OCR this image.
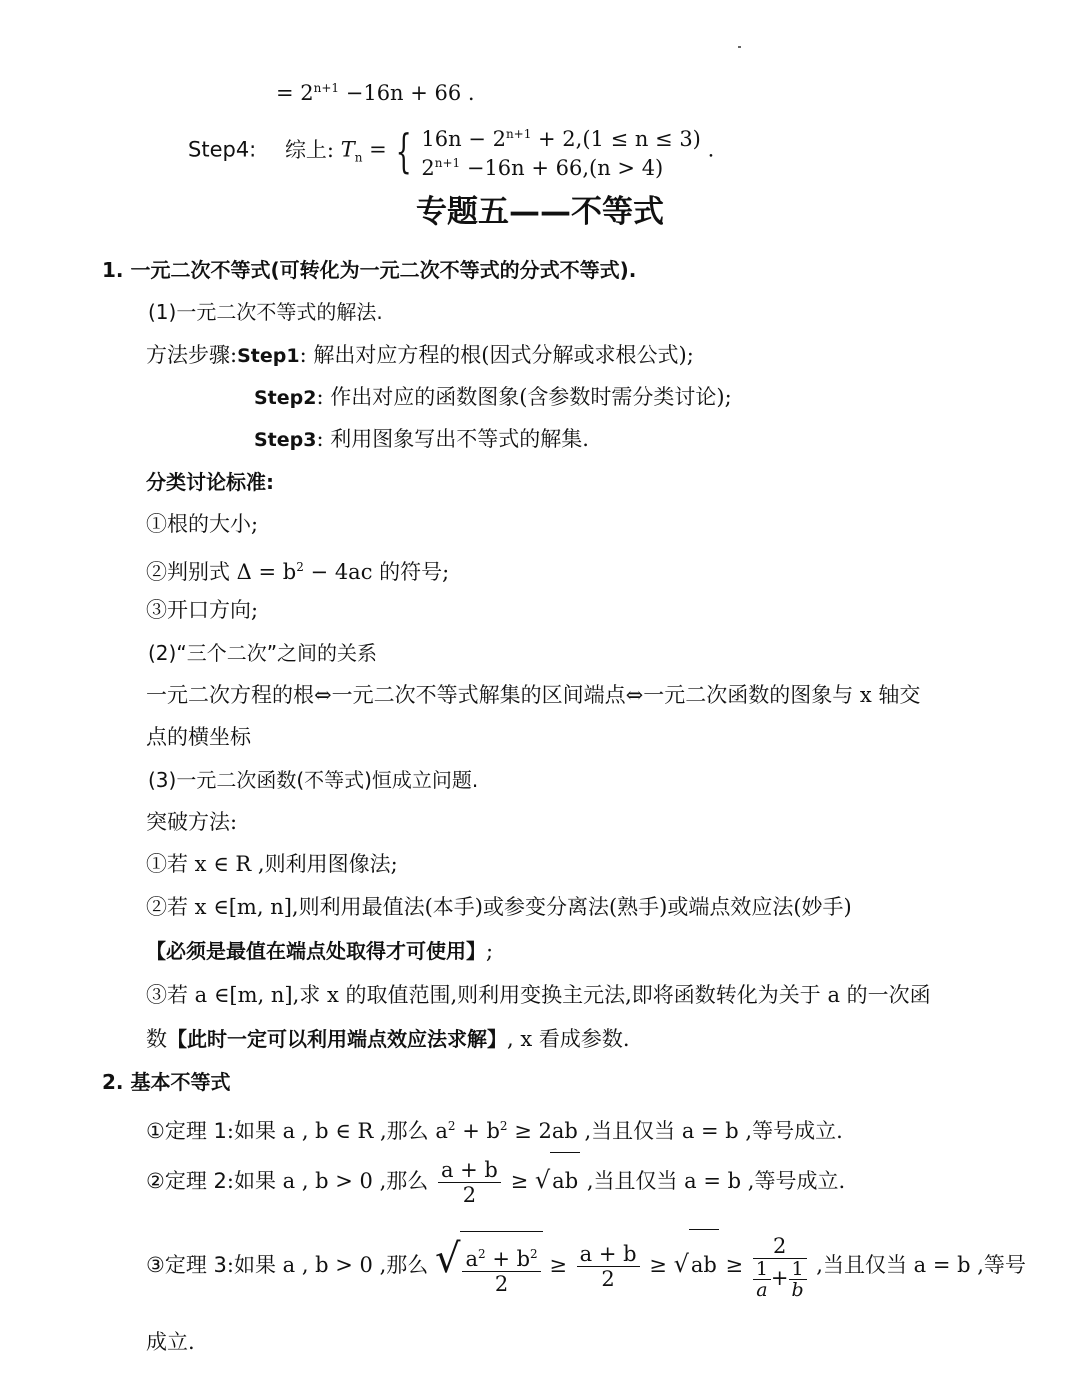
= $2^{n+1} -16n + 66$ .
Step4: 综上: $T_n$ = { $16n - 2^{n+1} + 2,(1 \le n \le 3)$
$2^{n+1} -16n + 66,(n > 4)$
.
专题五——不等式
1. 一元二次不等式(可转化为一元二次不等式的分式不等式).
(1)一元二次不等式的解法.
方法步骤:Step1: 解出对应方程的根(因式分解或求根公式);
Step2: 作出对应的函数图象(含参数时需分类讨论);
Step3: 利用图象写出不等式的解集.
分类讨论标准:
①根的大小;
②判别式 $\Delta = b^2 - 4ac$ 的符号;
③开口方向;
(2)“三个二次”之间的关系
一元二次方程的根⇔一元二次不等式解集的区间端点⇔一元二次函数的图象与 x 轴交
点的横坐标
(3)一元二次函数(不等式)恒成立问题.
突破方法:
①若 x ∈ R ,则利用图像法;
②若 x ∈[m, n],则利用最值法(本手)或参变分离法(熟手)或端点效应法(妙手)
【必须是最值在端点处取得才可使用】;
③若 a ∈[m, n],求 x 的取值范围,则利用变换主元法,即将函数转化为关于 a 的一次函
数【此时一定可以利用端点效应法求解】, x 看成参数.
2. 基本不等式
①定理 1:如果 a , b ∈ R ,那么 $a^2 + b^2 \ge 2ab$ ,当且仅当 a = b ,等号成立.
②定理 2:如果 a , b > 0 ,那么 $\frac{a + b}{2} \ge √ab$ ,当且仅当 a = b ,等号成立.
③定理 3:如果 a , b > 0 ,那么 √ $\frac{a^2 + b^2}{2} \ge \frac{a + b}{2} \ge √ab \ge \frac{2}{\frac{1}{a} + \frac{1}{b}}$ ,当且仅当 a = b ,等号
成立.
